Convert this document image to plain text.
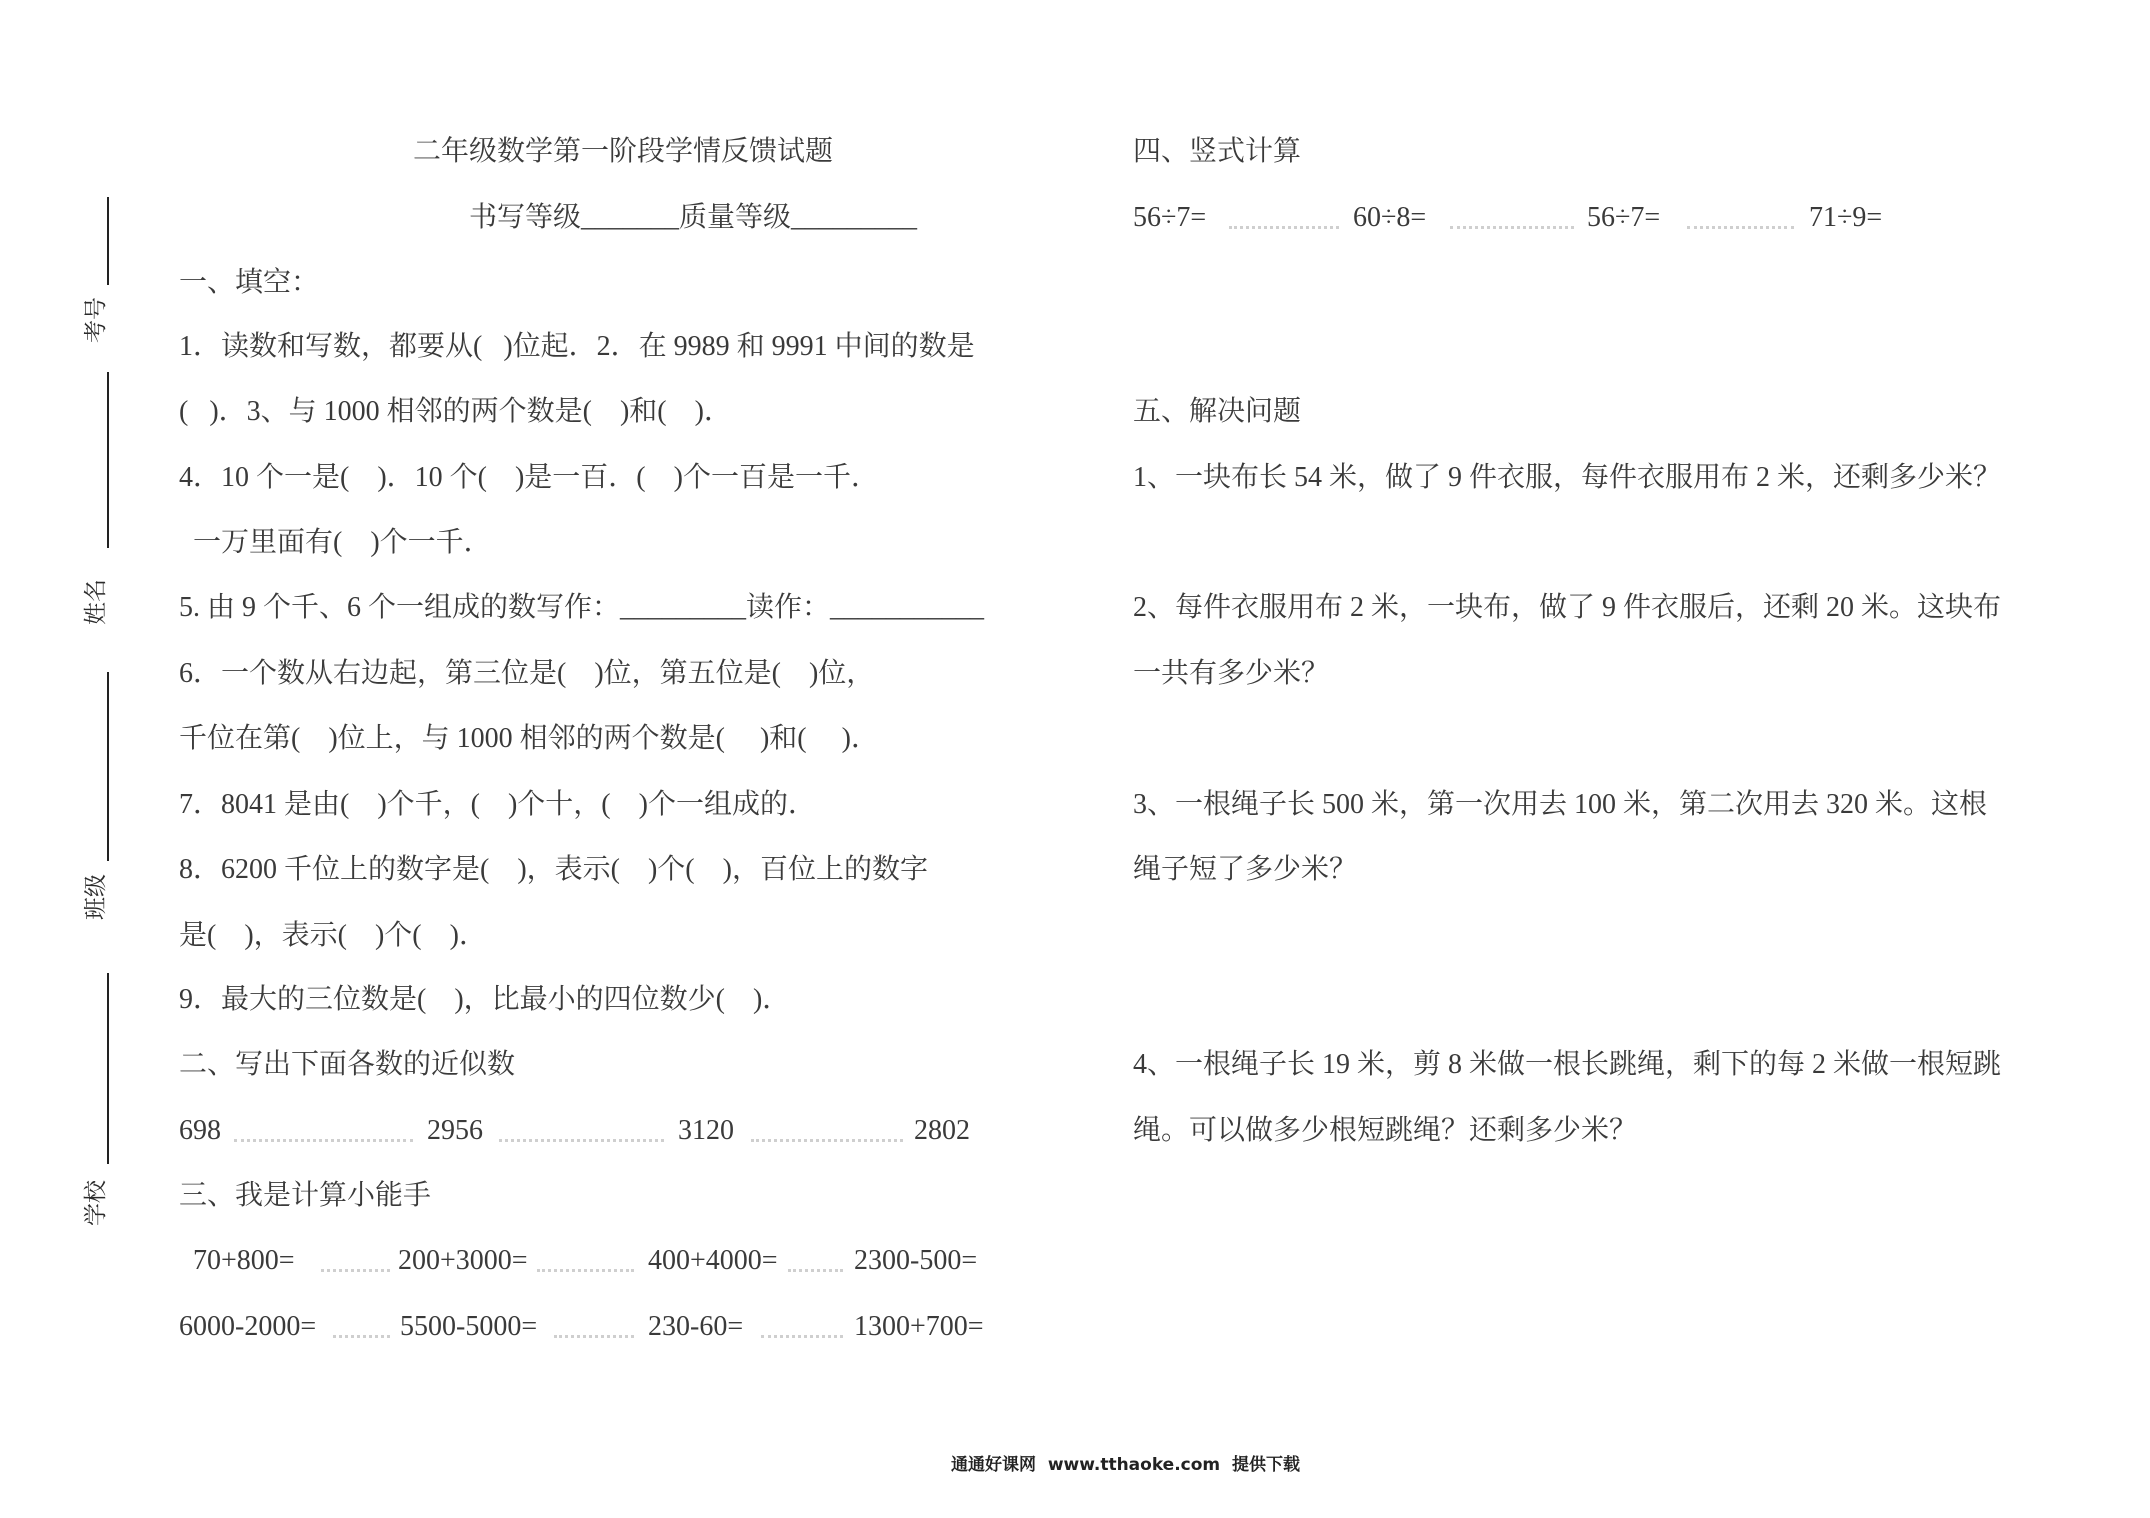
考号
姓名
班级
学校
二年级数学第一阶段学情反馈试题
书写等级_______质量等级_________
一、填空：
1．读数和写数，都要从(   )位起．2．在 9989 和 9991 中间的数是
(   )．3、与 1000 相邻的两个数是(    )和(    )．
4．10 个一是(    )．10 个(    )是一百．(    )个一百是一千．
一万里面有(    )个一千．
5. 由 9 个千、6 个一组成的数写作：_________读作：___________
6．一个数从右边起，第三位是(    )位，第五位是(    )位，
千位在第(    )位上，与 1000 相邻的两个数是(     )和(     )．
7．8041 是由(    )个千，(    )个十，(    )个一组成的．
8．6200 千位上的数字是(    )，表示(    )个(    )，百位上的数字
是(    )，表示(    )个(    )．
9．最大的三位数是(    )，比最小的四位数少(    )．
二、写出下面各数的近似数
698	2956	3120	2802
三、我是计算小能手
70+800=	200+3000=	400+4000=	2300-500=
6000-2000=	5500-5000=	230-60=	1300+700=
四、竖式计算
56÷7=	60÷8=	56÷7=	71÷9=
五、解决问题
1、一块布长 54 米，做了 9 件衣服，每件衣服用布 2 米，还剩多少米？
2、每件衣服用布 2 米，一块布，做了 9 件衣服后，还剩 20 米。这块布
一共有多少米？
3、一根绳子长 500 米，第一次用去 100 米，第二次用去 320 米。这根
绳子短了多少米？
4、一根绳子长 19 米，剪 8 米做一根长跳绳，剩下的每 2 米做一根短跳
绳。可以做多少根短跳绳？还剩多少米？
通通好课网  www.tthaoke.com  提供下载
